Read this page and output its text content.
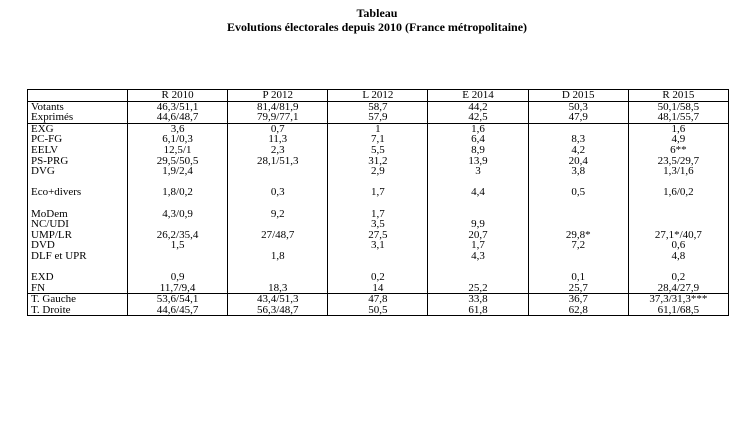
Tableau
Evolutions électorales depuis 2010 (France métropolitaine)
	R 2010	P 2012	L 2012	E 2014	D 2015	R 2015
Votants	46,3/51,1	81,4/81,9	58,7	44,2	50,3	50,1/58,5
Exprimés	44,6/48,7	79,9/77,1	57,9	42,5	47,9	48,1/55,7
EXG	3,6	0,7	1	1,6		1,6
PC-FG	6,1/0,3	11,3	7,1	6,4	8,3	4,9
EELV	12,5/1	2,3	5,5	8,9	4,2	6**
PS-PRG	29,5/50,5	28,1/51,3	31,2	13,9	20,4	23,5/29,7
DVG	1,9/2,4		2,9	3	3,8	1,3/1,6

Eco+divers	1,8/0,2	0,3	1,7	4,4	0,5	1,6/0,2

MoDem	4,3/0,9	9,2	1,7			
NC/UDI			3,5	9,9		
UMP/LR	26,2/35,4	27/48,7	27,5	20,7	29,8*	27,1*/40,7
DVD	1,5		3,1	1,7	7,2	0,6
DLF et UPR		1,8		4,3		4,8

EXD	0,9		0,2		0,1	0,2
FN	11,7/9,4	18,3	14	25,2	25,7	28,4/27,9
T. Gauche	53,6/54,1	43,4/51,3	47,8	33,8	36,7	37,3/31,3***
T. Droite	44,6/45,7	56,3/48,7	50,5	61,8	62,8	61,1/68,5
